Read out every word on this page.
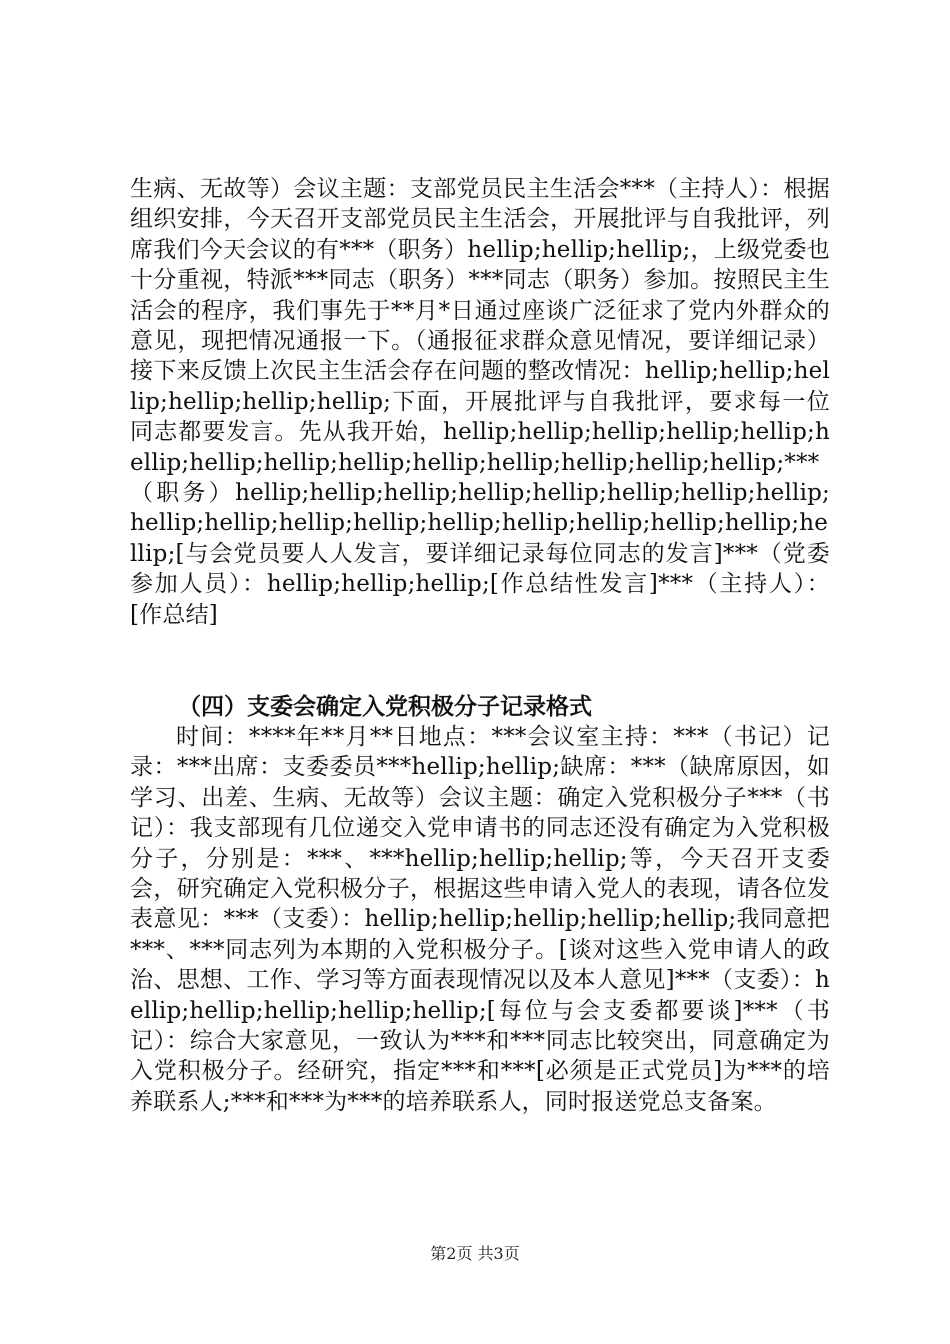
生病、无故等）会议主题：支部党员民主生活会***（主持人）：根据组织安排，今天召开支部党员民主生活会，开展批评与自我批评，列席我们今天会议的有***（职务）hellip;hellip;hellip;，上级党委也十分重视，特派***同志（职务）***同志（职务）参加。按照民主生活会的程序，我们事先于**月*日通过座谈广泛征求了党内外群众的意见，现把情况通报一下。（通报征求群众意见情况，要详细记录）接下来反馈上次民主生活会存在问题的整改情况：hellip;hellip;hellip;hellip;hellip;hellip;下面，开展批评与自我批评，要求每一位同志都要发言。先从我开始，hellip;hellip;hellip;hellip;hellip;hellip;hellip;hellip;hellip;hellip;hellip;hellip;hellip;hellip;***（职务）hellip;hellip;hellip;hellip;hellip;hellip;hellip;hellip;hellip;hellip;hellip;hellip;hellip;hellip;hellip;hellip;hellip;hellip;[与会党员要人人发言，要详细记录每位同志的发言]***（党委参加人员）：hellip;hellip;hellip;[作总结性发言]***（主持人）：[作总结]

（四）支委会确定入党积极分子记录格式

时间：****年**月**日地点：***会议室主持：***（书记）记录：***出席：支委委员***hellip;hellip;缺席：***（缺席原因，如学习、出差、生病、无故等）会议主题：确定入党积极分子***（书记）：我支部现有几位递交入党申请书的同志还没有确定为入党积极分子，分别是：***、***hellip;hellip;hellip;等，今天召开支委会，研究确定入党积极分子，根据这些申请入党人的表现，请各位发表意见：***（支委）：hellip;hellip;hellip;hellip;hellip;我同意把***、***同志列为本期的入党积极分子。[谈对这些入党申请人的政治、思想、工作、学习等方面表现情况以及本人意见]***（支委）：hellip;hellip;hellip;hellip;hellip;[每位与会支委都要谈]***（书记）：综合大家意见，一致认为***和***同志比较突出，同意确定为入党积极分子。经研究，指定***和***[必须是正式党员]为***的培养联系人;***和***为***的培养联系人，同时报送党总支备案。

第2页 共3页
